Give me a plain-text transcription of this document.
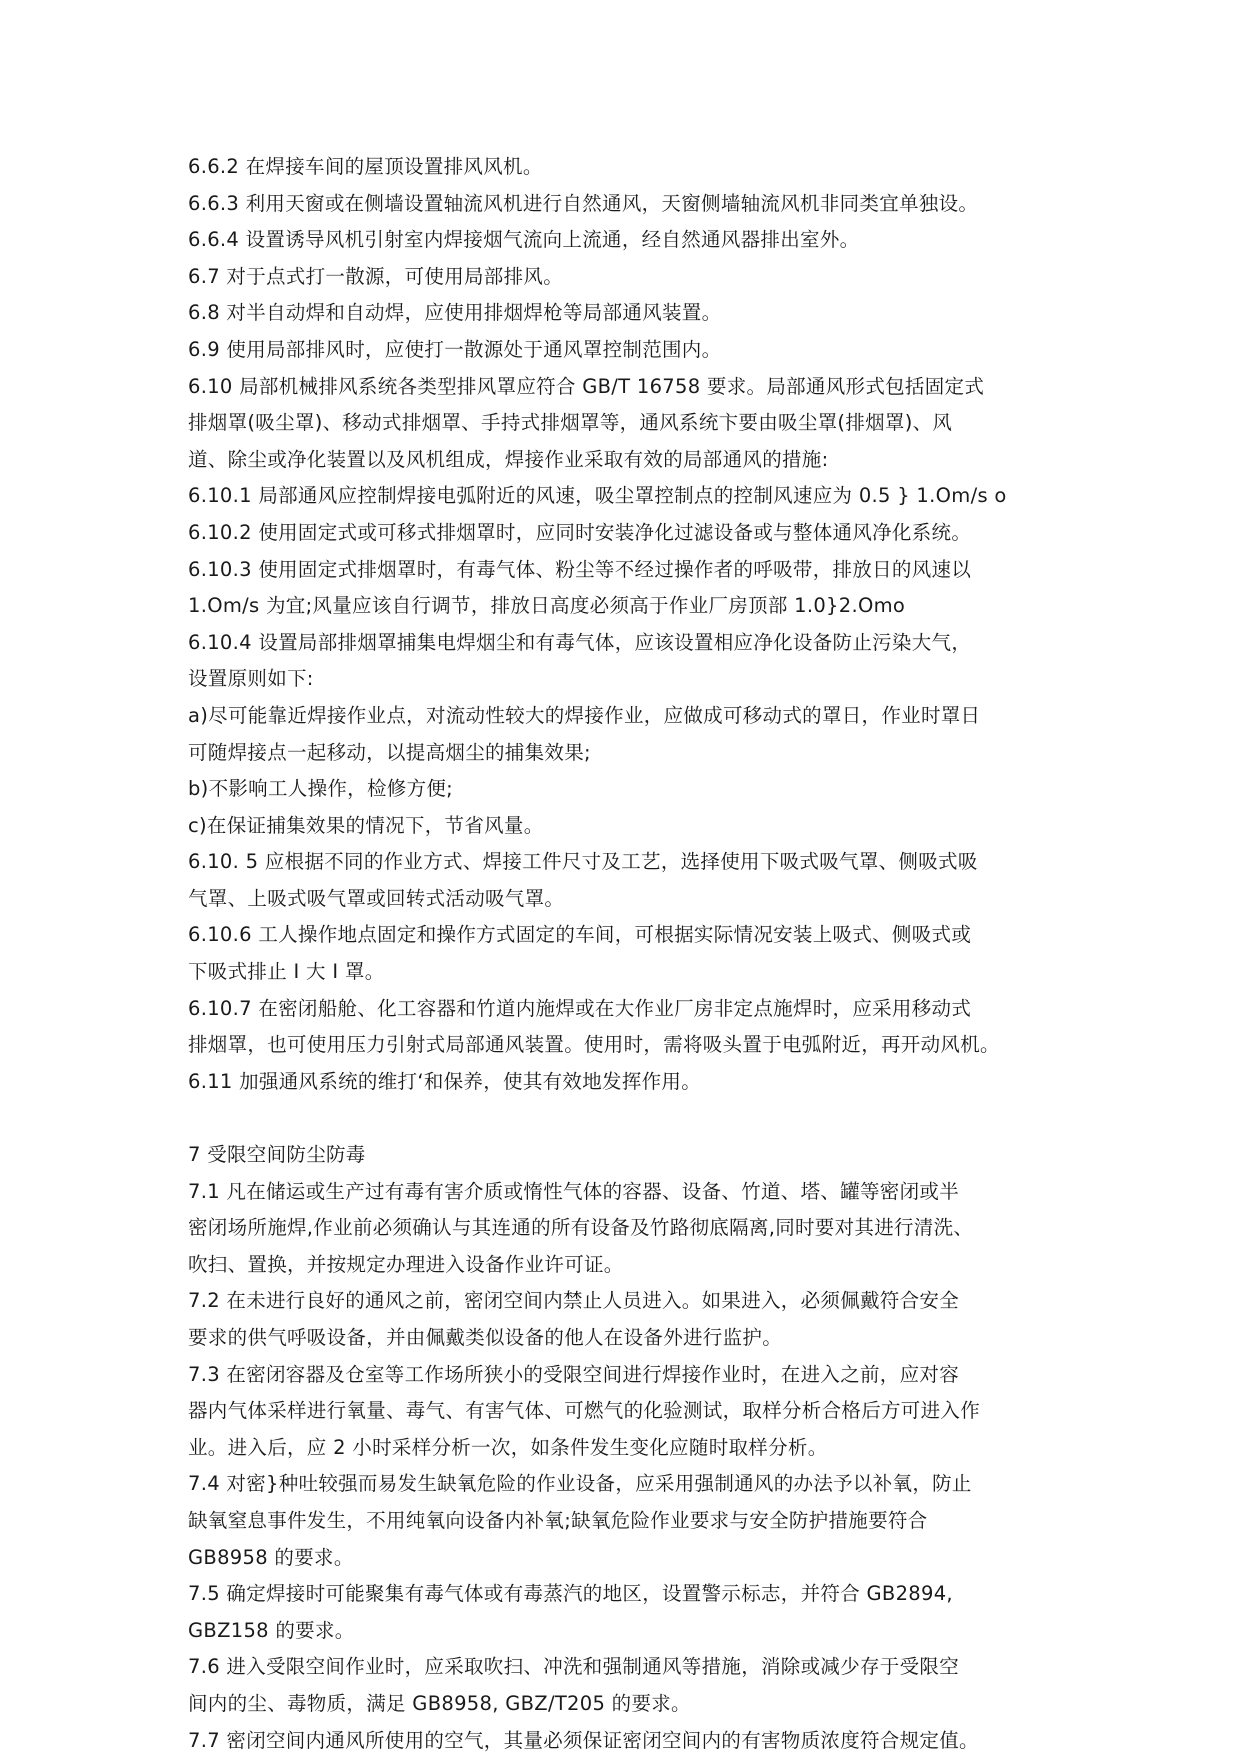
6.6.2 在焊接车间的屋顶设置排风风机。
6.6.3 利用天窗或在侧墙设置轴流风机进行自然通风，天窗侧墙轴流风机非同类宜单独设。
6.6.4 设置诱导风机引射室内焊接烟气流向上流通，经自然通风器排出室外。
6.7 对于点式打一散源，可使用局部排风。
6.8 对半自动焊和自动焊，应使用排烟焊枪等局部通风装置。
6.9 使用局部排风时，应使打一散源处于通风罩控制范围内。
6.10 局部机械排风系统各类型排风罩应符合 GB/T 16758 要求。局部通风形式包括固定式
排烟罩(吸尘罩)、移动式排烟罩、手持式排烟罩等，通风系统卞要由吸尘罩(排烟罩)、风
道、除尘或净化装置以及风机组成，焊接作业采取有效的局部通风的措施:
6.10.1 局部通风应控制焊接电弧附近的风速，吸尘罩控制点的控制风速应为 0.5 } 1.Om/s o
6.10.2 使用固定式或可移式排烟罩时，应同时安装净化过滤设备或与整体通风净化系统。
6.10.3 使用固定式排烟罩时，有毒气体、粉尘等不经过操作者的呼吸带，排放日的风速以
1.Om/s 为宜;风量应该自行调节，排放日高度必须高于作业厂房顶部 1.0}2.Omo
6.10.4 设置局部排烟罩捕集电焊烟尘和有毒气体，应该设置相应净化设备防止污染大气，
设置原则如下:
a)尽可能靠近焊接作业点，对流动性较大的焊接作业，应做成可移动式的罩日，作业时罩日
可随焊接点一起移动，以提高烟尘的捕集效果;
b)不影响工人操作，检修方便;
c)在保证捕集效果的情况下，节省风量。
6.10. 5 应根据不同的作业方式、焊接工件尺寸及工艺，选择使用下吸式吸气罩、侧吸式吸
气罩、上吸式吸气罩或回转式活动吸气罩。
6.10.6 工人操作地点固定和操作方式固定的车间，可根据实际情况安装上吸式、侧吸式或
下吸式排止 I 大 I 罩。
6.10.7 在密闭船舱、化工容器和竹道内施焊或在大作业厂房非定点施焊时，应采用移动式
排烟罩，也可使用压力引射式局部通风装置。使用时，需将吸头置于电弧附近，再开动风机。
6.11 加强通风系统的维打‘和保养，使其有效地发挥作用。
7 受限空间防尘防毒
7.1 凡在储运或生产过有毒有害介质或惰性气体的容器、设备、竹道、塔、罐等密闭或半
密闭场所施焊,作业前必须确认与其连通的所有设备及竹路彻底隔离,同时要对其进行清洗、
吹扫、置换，并按规定办理进入设备作业许可证。
7.2 在未进行良好的通风之前，密闭空间内禁止人员进入。如果进入，必须佩戴符合安全
要求的供气呼吸设备，并由佩戴类似设备的他人在设备外进行监护。
7.3 在密闭容器及仓室等工作场所狭小的受限空间进行焊接作业时，在进入之前，应对容
器内气体采样进行氧量、毒气、有害气体、可燃气的化验测试，取样分析合格后方可进入作
业。进入后，应 2 小时采样分析一次，如条件发生变化应随时取样分析。
7.4 对密}种吐较强而易发生缺氧危险的作业设备，应采用强制通风的办法予以补氧，防止
缺氧窒息事件发生，不用纯氧向设备内补氧;缺氧危险作业要求与安全防护措施要符合
GB8958 的要求。
7.5 确定焊接时可能聚集有毒气体或有毒蒸汽的地区，设置警示标志，并符合 GB2894,
GBZ158 的要求。
7.6 进入受限空间作业时，应采取吹扫、冲洗和强制通风等措施，消除或减少存于受限空
间内的尘、毒物质，满足 GB8958, GBZ/T205 的要求。
7.7 密闭空间内通风所使用的空气，其量必须保证密闭空间内的有害物质浓度符合规定值。
